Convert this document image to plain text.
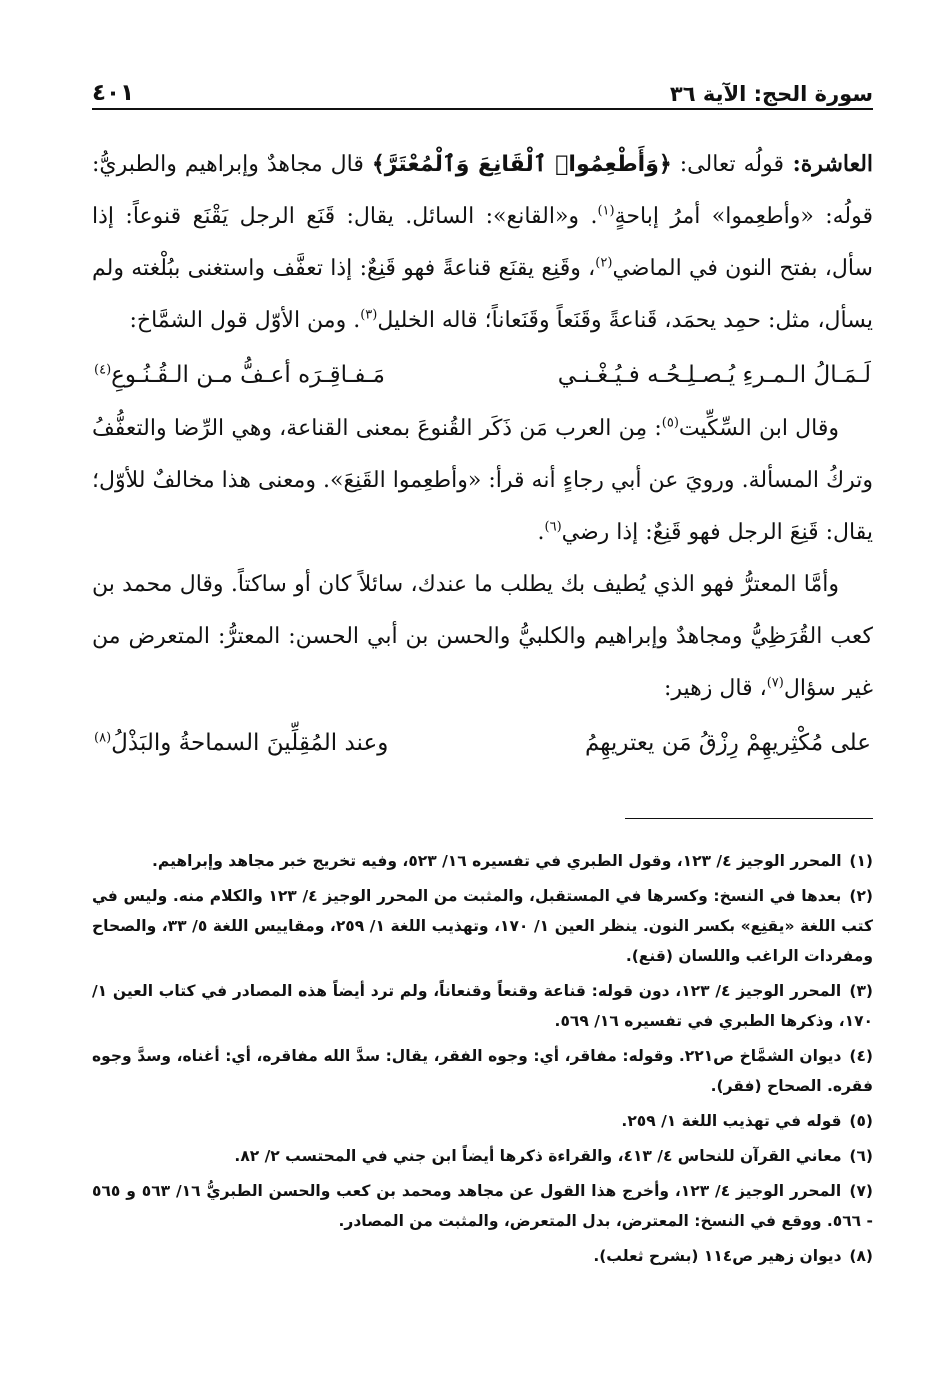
سورة الحج: الآية ٣٦
٤٠١

العاشرة: قولُه تعالى: ﴿وَأَطْعِمُوا۟ ٱلْقَانِعَ وَٱلْمُعْتَرَّ﴾ قال مجاهدٌ وإبراهيم والطبريُّ: قولُه: «وأطعِموا» أمرُ إباحةٍ$^{(١)}$. و«القانع»: السائل. يقال: قَنَع الرجل يَقْنَع قنوعاً: إذا سأل، بفتح النون في الماضي$^{(٢)}$، وقَنِع يقنَع قناعةً فهو قَنِعٌ: إذا تعفَّف واستغنى ببُلْغته ولم يسأل، مثل: حمِد يحمَد، قَناعةً وقَنَعاً وقَنَعاناً؛ قاله الخليل$^{(٣)}$. ومن الأوّل قول الشمَّاخ:

لَـمَـالُ الـمـرءِ يُـصـلِـحُـه فـيُـغْـنـي
مَـفـاقِـرَه أعـفُّ مـن الـقُـنُـوعِ$^{(٤)}$

وقال ابن السِّكِّيت$^{(٥)}$: مِن العرب مَن ذَكَر القُنوعَ بمعنى القناعة، وهي الرِّضا والتعفُّفُ وتركُ المسألة. ورويَ عن أبي رجاءٍ أنه قرأ: «وأطعِموا القَنِعَ». ومعنى هذا مخالفٌ للأوّل؛ يقال: قَنِعَ الرجل فهو قَنِعٌ: إذا رضي$^{(٦)}$.

وأمَّا المعترُّ فهو الذي يُطيف بك يطلب ما عندك، سائلاً كان أو ساكتاً. وقال محمد بن كعب القُرَظِيُّ ومجاهدٌ وإبراهيم والكلبيُّ والحسن بن أبي الحسن: المعترُّ: المتعرض من غير سؤال$^{(٧)}$، قال زهير:

على مُكْثِريهِمْ رِزْقُ مَن يعتريهِمُ
وعند المُقِلِّينَ السماحةُ والبَذْلُ$^{(٨)}$

(١) المحرر الوجيز ٤/ ١٢٣، وقول الطبري في تفسيره ١٦/ ٥٢٣، وفيه تخريج خبر مجاهد وإبراهيم.

(٢) بعدها في النسخ: وكسرها في المستقبل، والمثبت من المحرر الوجيز ٤/ ١٢٣ والكلام منه. وليس في كتب اللغة «يقنِع» بكسر النون. ينظر العين ١/ ١٧٠، وتهذيب اللغة ١/ ٢٥٩، ومقاييس اللغة ٥/ ٣٣، والصحاح ومفردات الراغب واللسان (قنع).

(٣) المحرر الوجيز ٤/ ١٢٣، دون قوله: قناعة وقنعاً وقنعاناً، ولم ترد أيضاً هذه المصادر في كتاب العين ١/ ١٧٠، وذكرها الطبري في تفسيره ١٦/ ٥٦٩.

(٤) ديوان الشمَّاخ ص٢٢١. وقوله: مفاقر، أي: وجوه الفقر، يقال: سدَّ الله مفاقره، أي: أغناه، وسدَّ وجوه فقره. الصحاح (فقر).

(٥) قوله في تهذيب اللغة ١/ ٢٥٩.

(٦) معاني القرآن للنحاس ٤/ ٤١٣، والقراءة ذكرها أيضاً ابن جني في المحتسب ٢/ ٨٢.

(٧) المحرر الوجيز ٤/ ١٢٣، وأخرج هذا القول عن مجاهد ومحمد بن كعب والحسن الطبريُّ ١٦/ ٥٦٣ و ٥٦٥ - ٥٦٦. ووقع في النسخ: المعترض، بدل المتعرض، والمثبت من المصادر.

(٨) ديوان زهير ص١١٤ (بشرح ثعلب).
